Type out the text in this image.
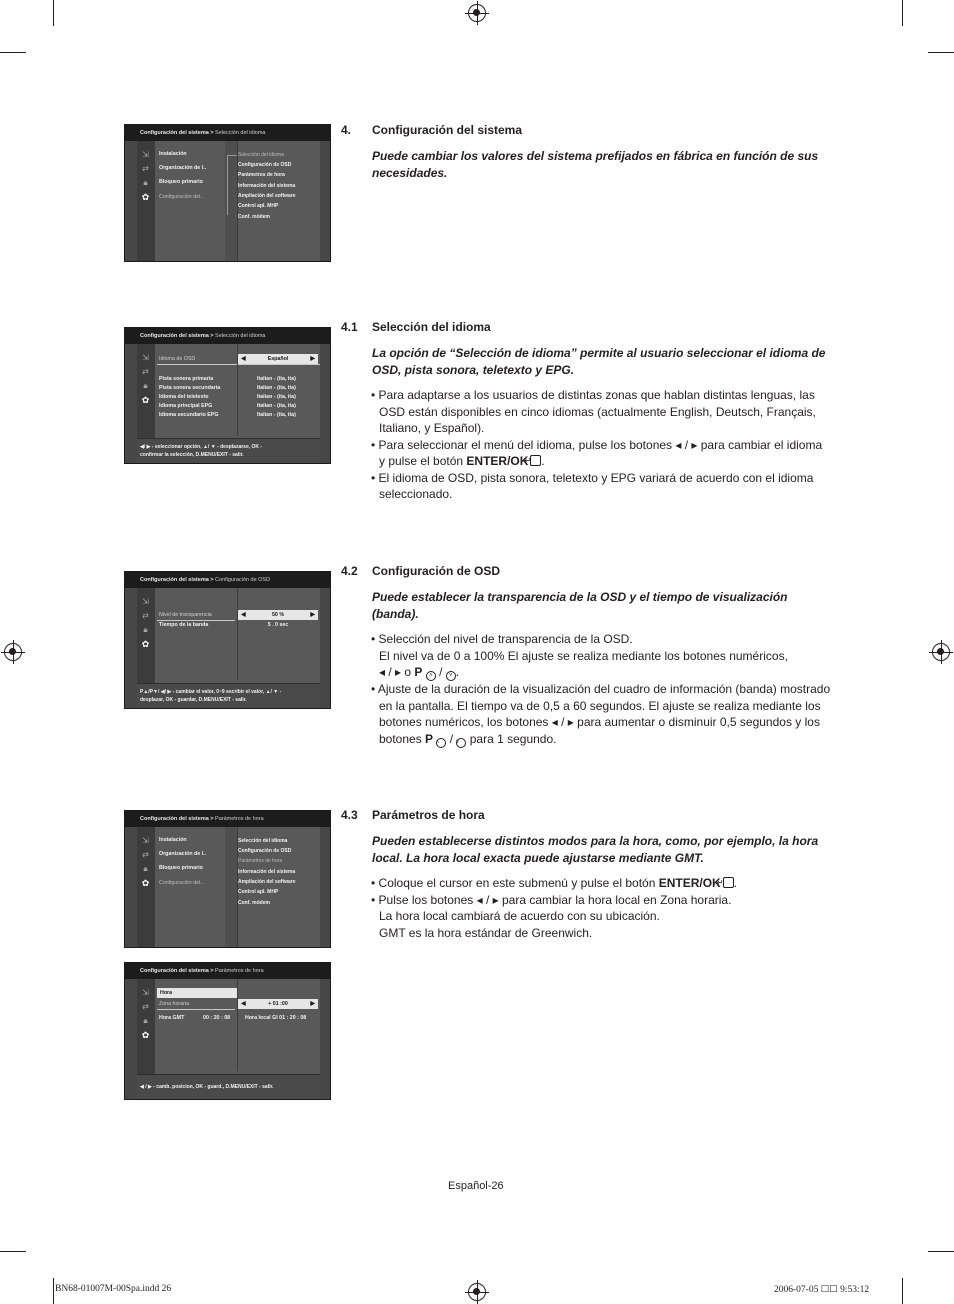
Configuración del sistema > Selección del idioma
⇲
⇄
🔒︎
✿
Instalación
Organización de l..
Bloqueo primario
Configuración del..
Selección del idioma
Configuración de OSD
Parámetros de hora
Información del sistema
Ampliación del software
Control apl. MHP
Conf. módem
4. Configuración del sistema
Puede cambiar los valores del sistema prefijados en fábrica en función de sus necesidades.
Configuración del sistema > Selección del idioma
⇲
⇄
🔒︎
✿
Idioma de OSD	◀	Español	▶
Pista sonora primaria	Italian - (ita, ita)
Pista sonora secundaria	Italian - (ita, ita)
Idioma del teletexto	Italian - (ita, ita)
Idioma principal EPG	Italian - (ita, ita)
Idioma secundario EPG	Italian - (ita, ita)
◀/ ▶ - seleccionar opción, ▲/ ▼ - desplazarse, OK -
confirmar la selección, D.MENU/EXIT - salir.
4.1 Selección del idioma
La opción de “Selección de idioma” permite al usuario seleccionar el idioma de OSD, pista sonora, teletexto y EPG.
• Para adaptarse a los usuarios de distintas zonas que hablan distintas lenguas, las OSD están disponibles en cinco idiomas (actualmente English, Deutsch, Français, Italiano, y Español).
• Para seleccionar el menú del idioma, pulse los botones ◂ / ▸ para cambiar el idioma y pulse el botón ENTER/OK ↵ .
• El idioma de OSD, pista sonora, teletexto y EPG variará de acuerdo con el idioma seleccionado.
Configuración del sistema > Configuración de OSD
⇲
⇄
🔒︎
✿
Nivel de transparencia	◀	50 %	▶
Tiempo de la banda	5 . 0 sec
P▲/P▼/ ◀/ ▶ - cambiar el valor, 0~9 escribir el valor, ▲/ ▼ -
desplazar, OK - guardar, D.MENU/EXIT - salir.
4.2 Configuración de OSD
Puede establecer la transparencia de la OSD y el tiempo de visualización (banda).
• Selección del nivel de transparencia de la OSD.
El nivel va de 0 a 100% El ajuste se realiza mediante los botones numéricos,
◂ / ▸ o P ˄ / ˅ .
• Ajuste de la duración de la visualización del cuadro de información (banda) mostrado en la pantalla. El tiempo va de 0,5 a 60 segundos. El ajuste se realiza mediante los botones numéricos, los botones ◂ / ▸ para aumentar o disminuir 0,5 segundos y los botones P ˄ / ˅ para 1 segundo.
Configuración del sistema > Parámetros de hora
⇲
⇄
🔒︎
✿
Instalación
Organización de l..
Bloqueo primario
Configuración del..
Selección del idioma
Configuración de OSD
Parámetros de hora
Información del sistema
Ampliación del software
Control apl. MHP
Conf. módem
4.3 Parámetros de hora
Pueden establecerse distintos modos para la hora, como, por ejemplo, la hora local. La hora local exacta puede ajustarse mediante GMT.
• Coloque el cursor en este submenú y pulse el botón ENTER/OK ↵ .
• Pulse los botones ◂ / ▸ para cambiar la hora local en Zona horaria.
La hora local cambiará de acuerdo con su ubicación.
GMT es la hora estándar de Greenwich.
Configuración del sistema > Parámetros de hora
⇲
⇄
🔒︎
✿
Hora
Zona horaria	◀	+ 01 :00	▶
Hora GMT	00 : 20 : 08	Hora local GI 01 : 20 : 08
◀ / ▶ - camb. posicion, OK - guard., D.MENU/EXIT - salir.
Español-26
BN68-01007M-00Spa.indd 26	2006-07-05 ☐☐ 9:53:12
